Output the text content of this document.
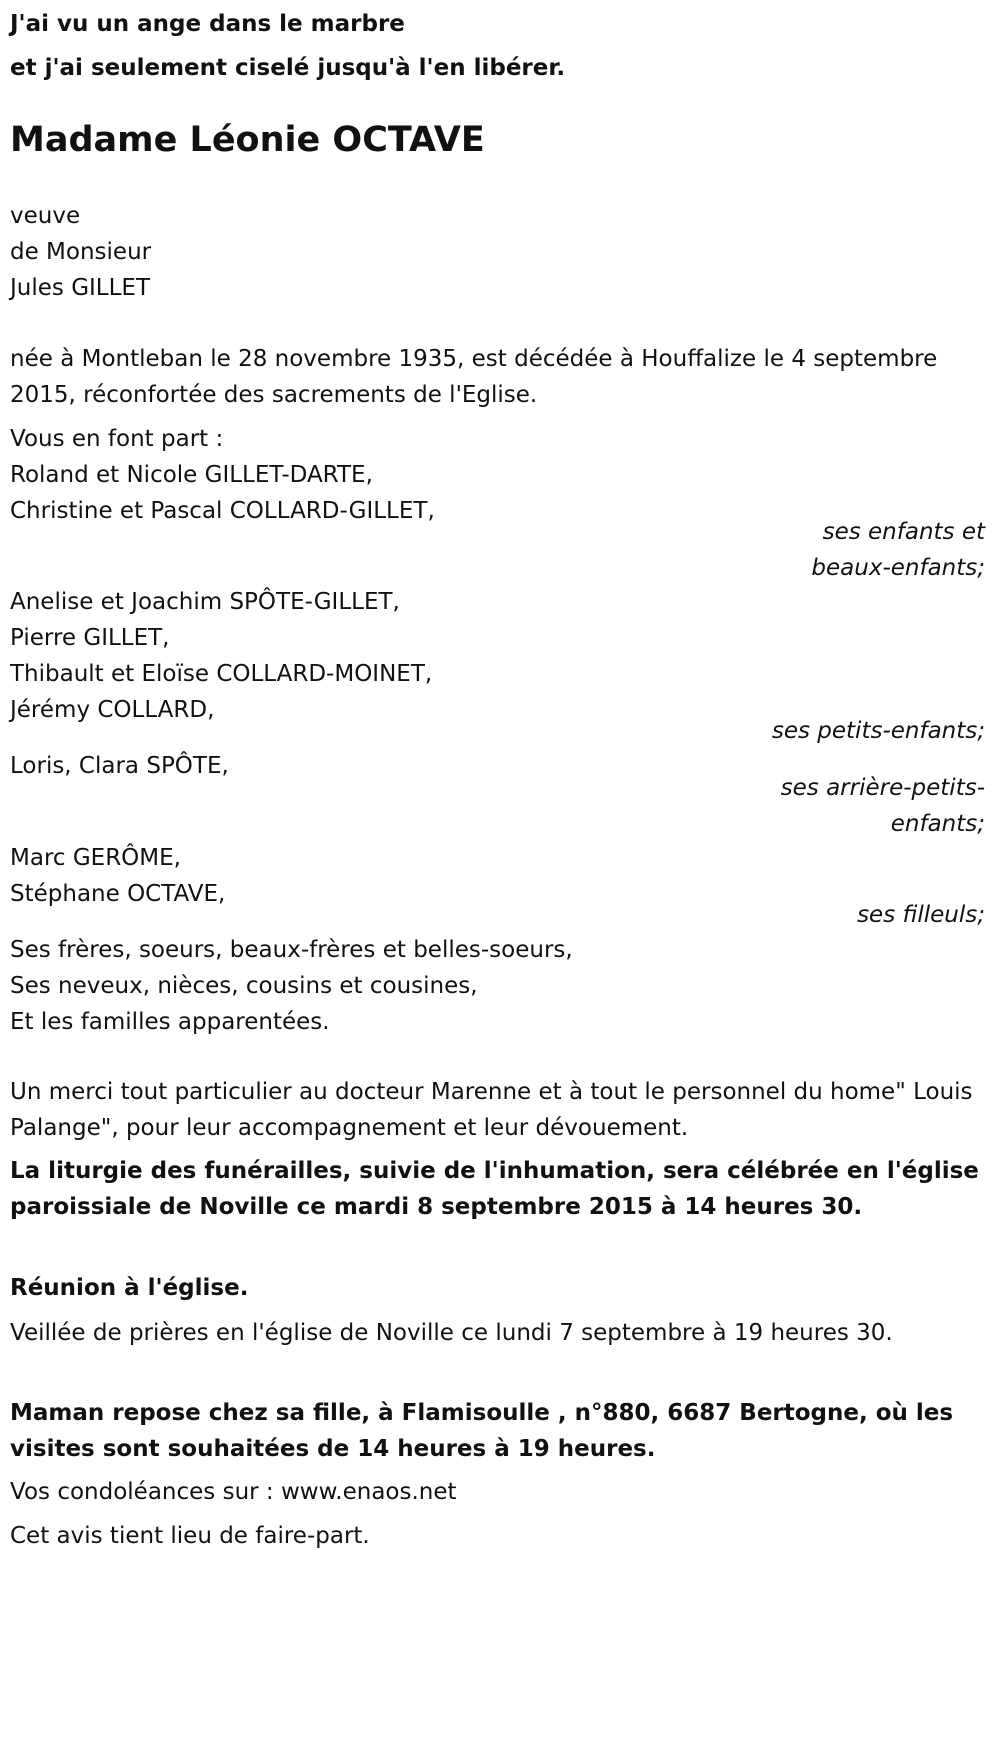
J'ai vu un ange dans le marbre
et j'ai seulement ciselé jusqu'à l'en libérer.
Madame Léonie OCTAVE
veuve
de Monsieur
Jules GILLET
née à Montleban le 28 novembre 1935, est décédée à Houffalize le 4 septembre 2015, réconfortée des sacrements de l'Eglise.
Vous en font part :
Roland et Nicole GILLET-DARTE,
Christine et Pascal COLLARD-GILLET,
ses enfants et
beaux-enfants;
Anelise et Joachim SPÔTE-GILLET,
Pierre GILLET,
Thibault et Eloïse COLLARD-MOINET,
Jérémy COLLARD,
ses petits-enfants;
Loris, Clara SPÔTE,
ses arrière-petits-
enfants;
Marc GERÔME,
Stéphane OCTAVE,
ses filleuls;
Ses frères, soeurs, beaux-frères et belles-soeurs,
Ses neveux, nièces, cousins et cousines,
Et les familles apparentées.
Un merci tout particulier au docteur Marenne et à tout le personnel du home" Louis Palange", pour leur accompagnement et leur dévouement.
La liturgie des funérailles, suivie de l'inhumation, sera célébrée en l'église paroissiale de Noville ce mardi 8 septembre 2015 à 14 heures 30.
Réunion à l'église.
Veillée de prières en l'église de Noville ce lundi 7 septembre à 19 heures 30.
Maman repose chez sa fille, à Flamisoulle , n°880, 6687 Bertogne, où les visites sont souhaitées de 14 heures à 19 heures.
Vos condoléances sur : www.enaos.net
Cet avis tient lieu de faire-part.
